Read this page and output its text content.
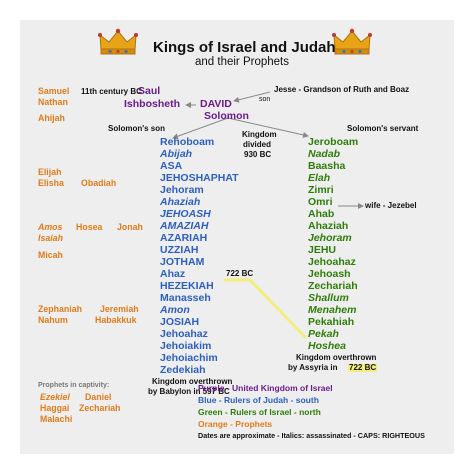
Kings of Israel and Judah
and their Prophets
11th century BC
Saul
Ishbosheth DAVID
Solomon
Jesse - Grandson of Ruth and Boaz
son
Solomon's son	Solomon's servant
Kingdom
divided
930 BC
Rehoboam
Abijah
ASA
JEHOSHAPHAT
Jehoram
Ahaziah
JEHOASH
AMAZIAH
AZARIAH
UZZIAH
JOTHAM
Ahaz
HEZEKIAH
Manasseh
Amon
JOSIAH
Jehoahaz
Jehoiakim
Jehoiachim
Zedekiah
722 BC
Kingdom overthrown
by Babylon in 597 BC
Jeroboam
Nadab
Baasha
Elah
Zimri
Omri
Ahab
Ahaziah
Jehoram
JEHU
Jehoahaz
Jehoash
Zechariah
Shallum
Menahem
Pekahiah
Pekah
Hoshea
wife - Jezebel
Kingdom overthrown
by Assyria in 722 BC
Samuel
Nathan
Ahijah
Elijah
Elisha Obadiah
Amos Hosea Jonah
Isaiah
Micah
Zephaniah Jeremiah
Nahum	Habakkuk
Prophets in captivity:
Ezekiel Daniel
Haggai Zechariah
Malachi
Purple - United Kingdom of Israel
Blue - Rulers of Judah - south
Green - Rulers of Israel - north
Orange - Prophets
Dates are approximate - Italics: assassinated - CAPS: RIGHTEOUS
